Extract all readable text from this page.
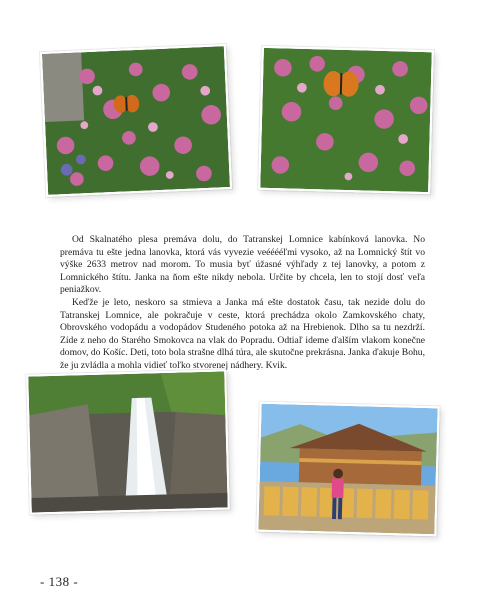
Od Skalnatého plesa premáva dolu, do Tatranskej Lomnice kabínková lanovka. No premáva tu ešte jedna lanovka, ktorá vás vyvezie veééééľmi vysoko, až na Lomnický štít vo výške 2633 metrov nad morom. To musia byť úžasné výhľady z tej lanovky, a potom z Lomnického štítu. Janka na ňom ešte nikdy nebola. Určite by chcela, len to stojí dosť veľa peniažkov.

Keďže je leto, neskoro sa stmieva a Janka má ešte dostatok času, tak nezide dolu do Tatranskej Lomnice, ale pokračuje v ceste, ktorá prechádza okolo Zamkovského chaty, Obrovského vodopádu a vodopádov Studeného potoka až na Hrebienok. Dlho sa tu nezdrží. Zíde z neho do Starého Smokovca na vlak do Popradu. Odtiaľ ideme ďalším vlakom konečne domov, do Košíc. Deti, toto bola strašne dlhá túra, ale skutočne prekrásna. Janka ďakuje Bohu, že ju zvládla a mohla vidieť toľko stvorenej nádhery. Kvik.

- 138 -
